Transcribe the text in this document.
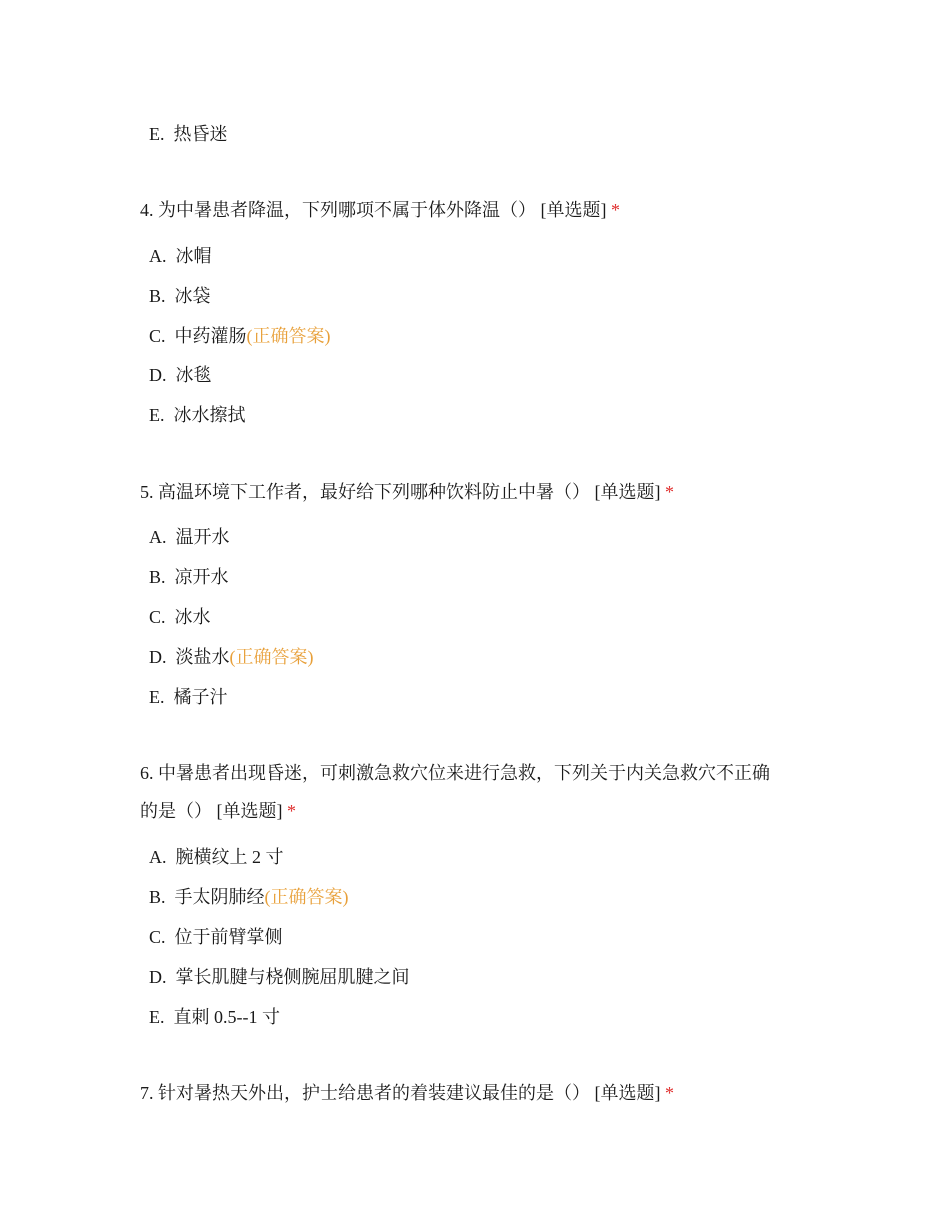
E. 热昏迷
4. 为中暑患者降温，下列哪项不属于体外降温（） [单选题] *
A. 冰帽
B. 冰袋
C. 中药灌肠(正确答案)
D. 冰毯
E. 冰水擦拭
5. 高温环境下工作者，最好给下列哪种饮料防止中暑（） [单选题] *
A. 温开水
B. 凉开水
C. 冰水
D. 淡盐水(正确答案)
E. 橘子汁
6. 中暑患者出现昏迷，可刺激急救穴位来进行急救，下列关于内关急救穴不正确
的是（） [单选题] *
A. 腕横纹上 2 寸
B. 手太阴肺经(正确答案)
C. 位于前臂掌侧
D. 掌长肌腱与桡侧腕屈肌腱之间
E. 直刺 0.5--1 寸
7. 针对暑热天外出，护士给患者的着装建议最佳的是（） [单选题] *
